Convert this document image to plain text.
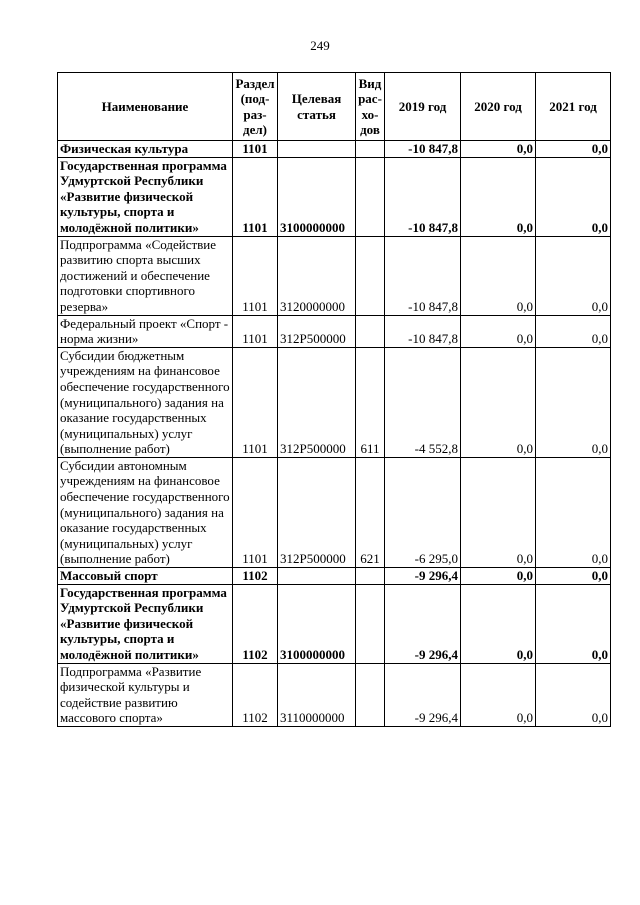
249
Наименование	Раздел (под-раз-дел)	Целевая статья	Вид рас-хо-дов	2019 год	2020 год	2021 год
Физическая культура	1101			-10 847,8	0,0	0,0
Государственная программа Удмуртской Республики «Развитие физической культуры, спорта и молодёжной политики»	1101	3100000000		-10 847,8	0,0	0,0
Подпрограмма «Содействие развитию спорта высших достижений и обеспечение подготовки спортивного резерва»	1101	3120000000		-10 847,8	0,0	0,0
Федеральный проект «Спорт - норма жизни»	1101	312P500000		-10 847,8	0,0	0,0
Субсидии бюджетным учреждениям на финансовое обеспечение государственного (муниципального) задания на оказание государственных (муниципальных) услуг (выполнение работ)	1101	312P500000	611	-4 552,8	0,0	0,0
Субсидии автономным учреждениям на финансовое обеспечение государственного (муниципального) задания на оказание государственных (муниципальных) услуг (выполнение работ)	1101	312P500000	621	-6 295,0	0,0	0,0
Массовый спорт	1102			-9 296,4	0,0	0,0
Государственная программа Удмуртской Республики «Развитие физической культуры, спорта и молодёжной политики»	1102	3100000000		-9 296,4	0,0	0,0
Подпрограмма «Развитие физической культуры и содействие развитию массового спорта»	1102	3110000000		-9 296,4	0,0	0,0
